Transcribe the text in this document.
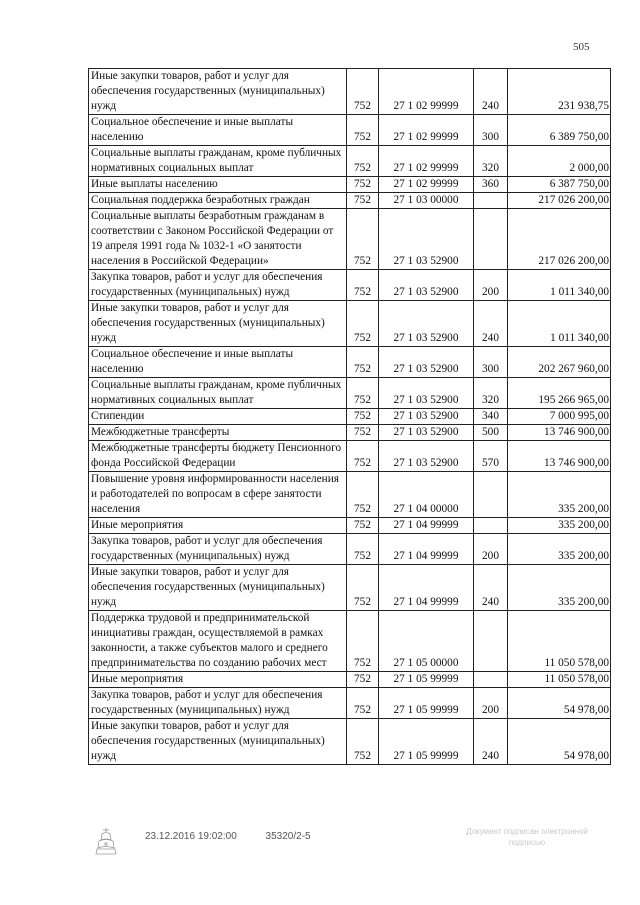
505
Иные закупки товаров, работ и услуг для обеспечения государственных (муниципальных) нужд	752	27 1 02 99999	240	231 938,75
Социальное обеспечение и иные выплаты населению	752	27 1 02 99999	300	6 389 750,00
Социальные выплаты гражданам, кроме публичных нормативных социальных выплат	752	27 1 02 99999	320	2 000,00
Иные выплаты населению	752	27 1 02 99999	360	6 387 750,00
Социальная поддержка безработных граждан	752	27 1 03 00000		217 026 200,00
Социальные выплаты безработным гражданам в соответствии с Законом Российской Федерации от 19 апреля 1991 года № 1032-1 «О занятости населения в Российской Федерации»	752	27 1 03 52900		217 026 200,00
Закупка товаров, работ и услуг для обеспечения государственных (муниципальных) нужд	752	27 1 03 52900	200	1 011 340,00
Иные закупки товаров, работ и услуг для обеспечения государственных (муниципальных) нужд	752	27 1 03 52900	240	1 011 340,00
Социальное обеспечение и иные выплаты населению	752	27 1 03 52900	300	202 267 960,00
Социальные выплаты гражданам, кроме публичных нормативных социальных выплат	752	27 1 03 52900	320	195 266 965,00
Стипендии	752	27 1 03 52900	340	7 000 995,00
Межбюджетные трансферты	752	27 1 03 52900	500	13 746 900,00
Межбюджетные трансферты бюджету Пенсионного фонда Российской Федерации	752	27 1 03 52900	570	13 746 900,00
Повышение уровня информированности населения и работодателей по вопросам в сфере занятости населения	752	27 1 04 00000		335 200,00
Иные мероприятия	752	27 1 04 99999		335 200,00
Закупка товаров, работ и услуг для обеспечения государственных (муниципальных) нужд	752	27 1 04 99999	200	335 200,00
Иные закупки товаров, работ и услуг для обеспечения государственных (муниципальных) нужд	752	27 1 04 99999	240	335 200,00
Поддержка трудовой и предпринимательской инициативы граждан, осуществляемой в рамках законности, а также субъектов малого и среднего предпринимательства по созданию рабочих мест	752	27 1 05 00000		11 050 578,00
Иные мероприятия	752	27 1 05 99999		11 050 578,00
Закупка товаров, работ и услуг для обеспечения государственных (муниципальных) нужд	752	27 1 05 99999	200	54 978,00
Иные закупки товаров, работ и услуг для обеспечения государственных (муниципальных) нужд	752	27 1 05 99999	240	54 978,00
23.12.2016 19:02:00	35320/2-5	Документ подписан электронной подписью
